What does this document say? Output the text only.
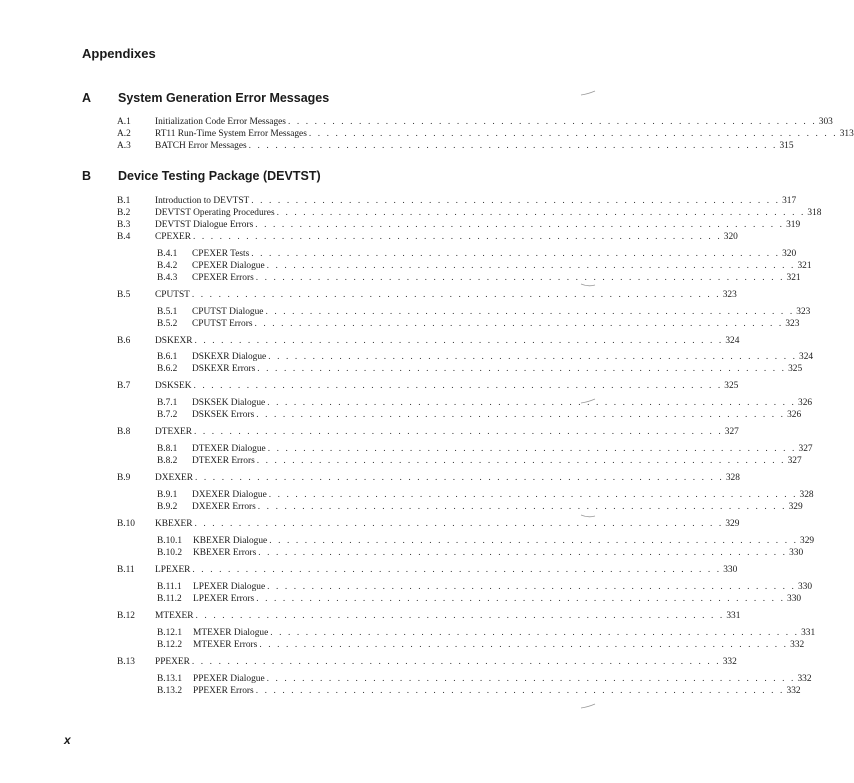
Appendixes
A System Generation Error Messages
A.1	Initialization Code Error Messages . . . . . . . . . . . . . . . . . . . . . . . . . . . . . . . . . . . . . . . . . . . . . . . . . . . . . . . . . . . . 303
A.2	RT11 Run-Time System Error Messages . . . . . . . . . . . . . . . . . . . . . . . . . . . . . . . . . . . . . . . . . . . . . . . . . . . . . . . . . . . . 313
A.3	BATCH Error Messages . . . . . . . . . . . . . . . . . . . . . . . . . . . . . . . . . . . . . . . . . . . . . . . . . . . . . . . . . . . . 315
B Device Testing Package (DEVTST)
B.1	Introduction to DEVTST . . . . . . . . . . . . . . . . . . . . . . . . . . . . . . . . . . . . . . . . . . . . . . . . . . . . . . . . . . . . 317
B.2	DEVTST Operating Procedures . . . . . . . . . . . . . . . . . . . . . . . . . . . . . . . . . . . . . . . . . . . . . . . . . . . . . . . . . . . . 318
B.3	DEVTST Dialogue Errors . . . . . . . . . . . . . . . . . . . . . . . . . . . . . . . . . . . . . . . . . . . . . . . . . . . . . . . . . . . . 319
B.4	CPEXER . . . . . . . . . . . . . . . . . . . . . . . . . . . . . . . . . . . . . . . . . . . . . . . . . . . . . . . . . . . . 320
B.4.1	CPEXER Tests . . . . . . . . . . . . . . . . . . . . . . . . . . . . . . . . . . . . . . . . . . . . . . . . . . . . . . . . . . . . 320
B.4.2	CPEXER Dialogue . . . . . . . . . . . . . . . . . . . . . . . . . . . . . . . . . . . . . . . . . . . . . . . . . . . . . . . . . . . . 321
B.4.3	CPEXER Errors . . . . . . . . . . . . . . . . . . . . . . . . . . . . . . . . . . . . . . . . . . . . . . . . . . . . . . . . . . . . 321
B.5	CPUTST . . . . . . . . . . . . . . . . . . . . . . . . . . . . . . . . . . . . . . . . . . . . . . . . . . . . . . . . . . . . 323
B.5.1	CPUTST Dialogue . . . . . . . . . . . . . . . . . . . . . . . . . . . . . . . . . . . . . . . . . . . . . . . . . . . . . . . . . . . . 323
B.5.2	CPUTST Errors . . . . . . . . . . . . . . . . . . . . . . . . . . . . . . . . . . . . . . . . . . . . . . . . . . . . . . . . . . . . 323
B.6	DSKEXR . . . . . . . . . . . . . . . . . . . . . . . . . . . . . . . . . . . . . . . . . . . . . . . . . . . . . . . . . . . . 324
B.6.1	DSKEXR Dialogue . . . . . . . . . . . . . . . . . . . . . . . . . . . . . . . . . . . . . . . . . . . . . . . . . . . . . . . . . . . . 324
B.6.2	DSKEXR Errors . . . . . . . . . . . . . . . . . . . . . . . . . . . . . . . . . . . . . . . . . . . . . . . . . . . . . . . . . . . . 325
B.7	DSKSEK . . . . . . . . . . . . . . . . . . . . . . . . . . . . . . . . . . . . . . . . . . . . . . . . . . . . . . . . . . . . 325
B.7.1	DSKSEK Dialogue . . . . . . . . . . . . . . . . . . . . . . . . . . . . . . . . . . . . . . . . . . . . . . . . . . . . . . . . . . . . 326
B.7.2	DSKSEK Errors . . . . . . . . . . . . . . . . . . . . . . . . . . . . . . . . . . . . . . . . . . . . . . . . . . . . . . . . . . . . 326
B.8	DTEXER . . . . . . . . . . . . . . . . . . . . . . . . . . . . . . . . . . . . . . . . . . . . . . . . . . . . . . . . . . . . 327
B.8.1	DTEXER Dialogue . . . . . . . . . . . . . . . . . . . . . . . . . . . . . . . . . . . . . . . . . . . . . . . . . . . . . . . . . . . . 327
B.8.2	DTEXER Errors . . . . . . . . . . . . . . . . . . . . . . . . . . . . . . . . . . . . . . . . . . . . . . . . . . . . . . . . . . . . 327
B.9	DXEXER . . . . . . . . . . . . . . . . . . . . . . . . . . . . . . . . . . . . . . . . . . . . . . . . . . . . . . . . . . . . 328
B.9.1	DXEXER Dialogue . . . . . . . . . . . . . . . . . . . . . . . . . . . . . . . . . . . . . . . . . . . . . . . . . . . . . . . . . . . . 328
B.9.2	DXEXER Errors . . . . . . . . . . . . . . . . . . . . . . . . . . . . . . . . . . . . . . . . . . . . . . . . . . . . . . . . . . . . 329
B.10	KBEXER . . . . . . . . . . . . . . . . . . . . . . . . . . . . . . . . . . . . . . . . . . . . . . . . . . . . . . . . . . . . 329
B.10.1	KBEXER Dialogue . . . . . . . . . . . . . . . . . . . . . . . . . . . . . . . . . . . . . . . . . . . . . . . . . . . . . . . . . . . . 329
B.10.2	KBEXER Errors . . . . . . . . . . . . . . . . . . . . . . . . . . . . . . . . . . . . . . . . . . . . . . . . . . . . . . . . . . . . 330
B.11	LPEXER . . . . . . . . . . . . . . . . . . . . . . . . . . . . . . . . . . . . . . . . . . . . . . . . . . . . . . . . . . . . 330
B.11.1	LPEXER Dialogue . . . . . . . . . . . . . . . . . . . . . . . . . . . . . . . . . . . . . . . . . . . . . . . . . . . . . . . . . . . . 330
B.11.2	LPEXER Errors . . . . . . . . . . . . . . . . . . . . . . . . . . . . . . . . . . . . . . . . . . . . . . . . . . . . . . . . . . . . 330
B.12	MTEXER . . . . . . . . . . . . . . . . . . . . . . . . . . . . . . . . . . . . . . . . . . . . . . . . . . . . . . . . . . . . 331
B.12.1	MTEXER Dialogue . . . . . . . . . . . . . . . . . . . . . . . . . . . . . . . . . . . . . . . . . . . . . . . . . . . . . . . . . . . . 331
B.12.2	MTEXER Errors . . . . . . . . . . . . . . . . . . . . . . . . . . . . . . . . . . . . . . . . . . . . . . . . . . . . . . . . . . . . 332
B.13	PPEXER . . . . . . . . . . . . . . . . . . . . . . . . . . . . . . . . . . . . . . . . . . . . . . . . . . . . . . . . . . . . 332
B.13.1	PPEXER Dialogue . . . . . . . . . . . . . . . . . . . . . . . . . . . . . . . . . . . . . . . . . . . . . . . . . . . . . . . . . . . . 332
B.13.2	PPEXER Errors . . . . . . . . . . . . . . . . . . . . . . . . . . . . . . . . . . . . . . . . . . . . . . . . . . . . . . . . . . . . 332
x
